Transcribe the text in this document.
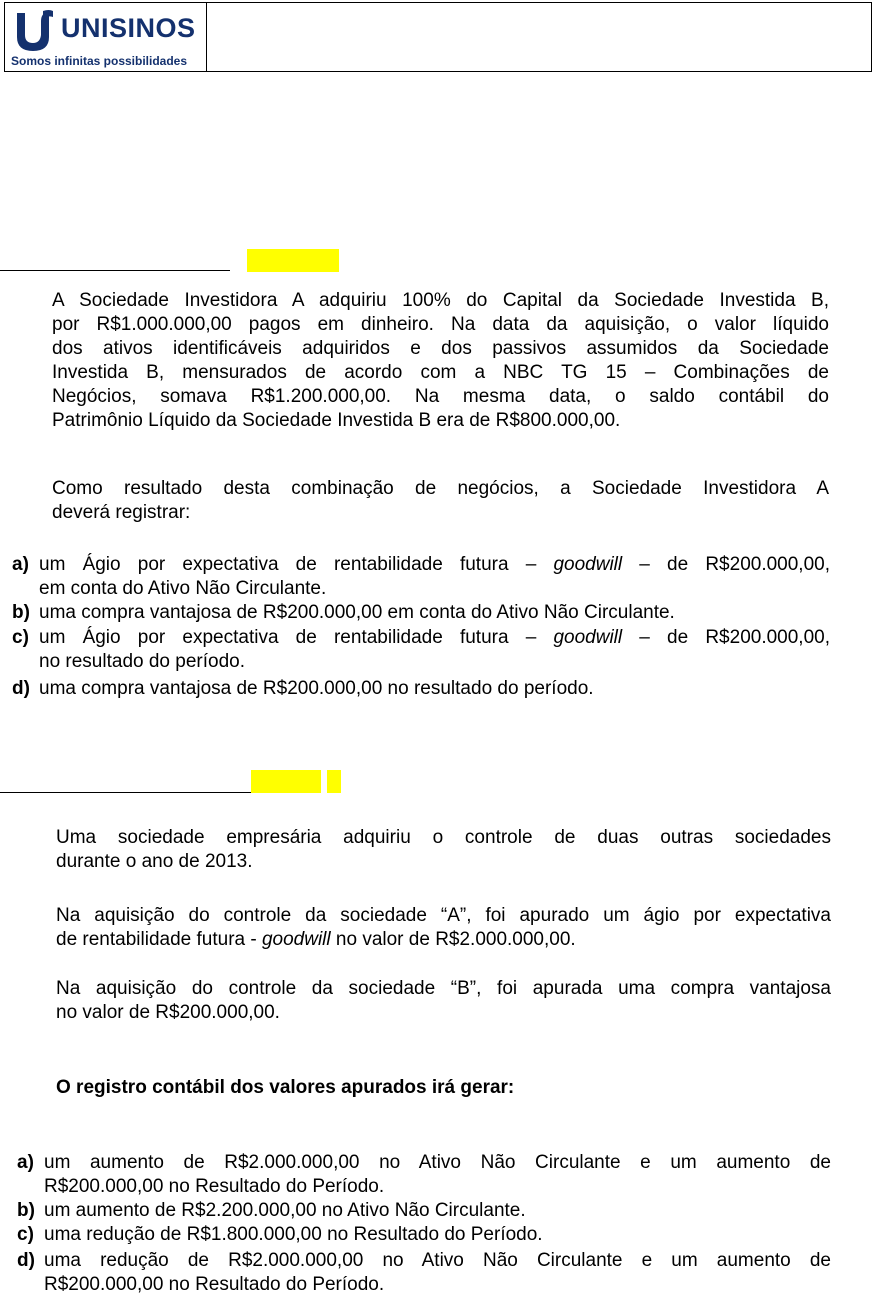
UNISINOS
Somos infinitas possibilidades
A Sociedade Investidora A adquiriu 100% do Capital da Sociedade Investida B,
por R$1.000.000,00 pagos em dinheiro. Na data da aquisição, o valor líquido
dos ativos identificáveis adquiridos e dos passivos assumidos da Sociedade
Investida B, mensurados de acordo com a NBC TG 15 – Combinações de
Negócios, somava R$1.200.000,00. Na mesma data, o saldo contábil do
Patrimônio Líquido da Sociedade Investida B era de R$800.000,00.
Como resultado desta combinação de negócios, a Sociedade Investidora A
deverá registrar:
a) um Ágio por expectativa de rentabilidade futura – goodwill – de R$200.000,00,
em conta do Ativo Não Circulante.
b) uma compra vantajosa de R$200.000,00 em conta do Ativo Não Circulante.
c) um Ágio por expectativa de rentabilidade futura – goodwill – de R$200.000,00,
no resultado do período.
d) uma compra vantajosa de R$200.000,00 no resultado do período.
Uma sociedade empresária adquiriu o controle de duas outras sociedades
durante o ano de 2013.
Na aquisição do controle da sociedade “A”, foi apurado um ágio por expectativa
de rentabilidade futura - goodwill no valor de R$2.000.000,00.
Na aquisição do controle da sociedade “B”, foi apurada uma compra vantajosa
no valor de R$200.000,00.
O registro contábil dos valores apurados irá gerar:
a) um aumento de R$2.000.000,00 no Ativo Não Circulante e um aumento de
R$200.000,00 no Resultado do Período.
b) um aumento de R$2.200.000,00 no Ativo Não Circulante.
c) uma redução de R$1.800.000,00 no Resultado do Período.
d) uma redução de R$2.000.000,00 no Ativo Não Circulante e um aumento de
R$200.000,00 no Resultado do Período.
